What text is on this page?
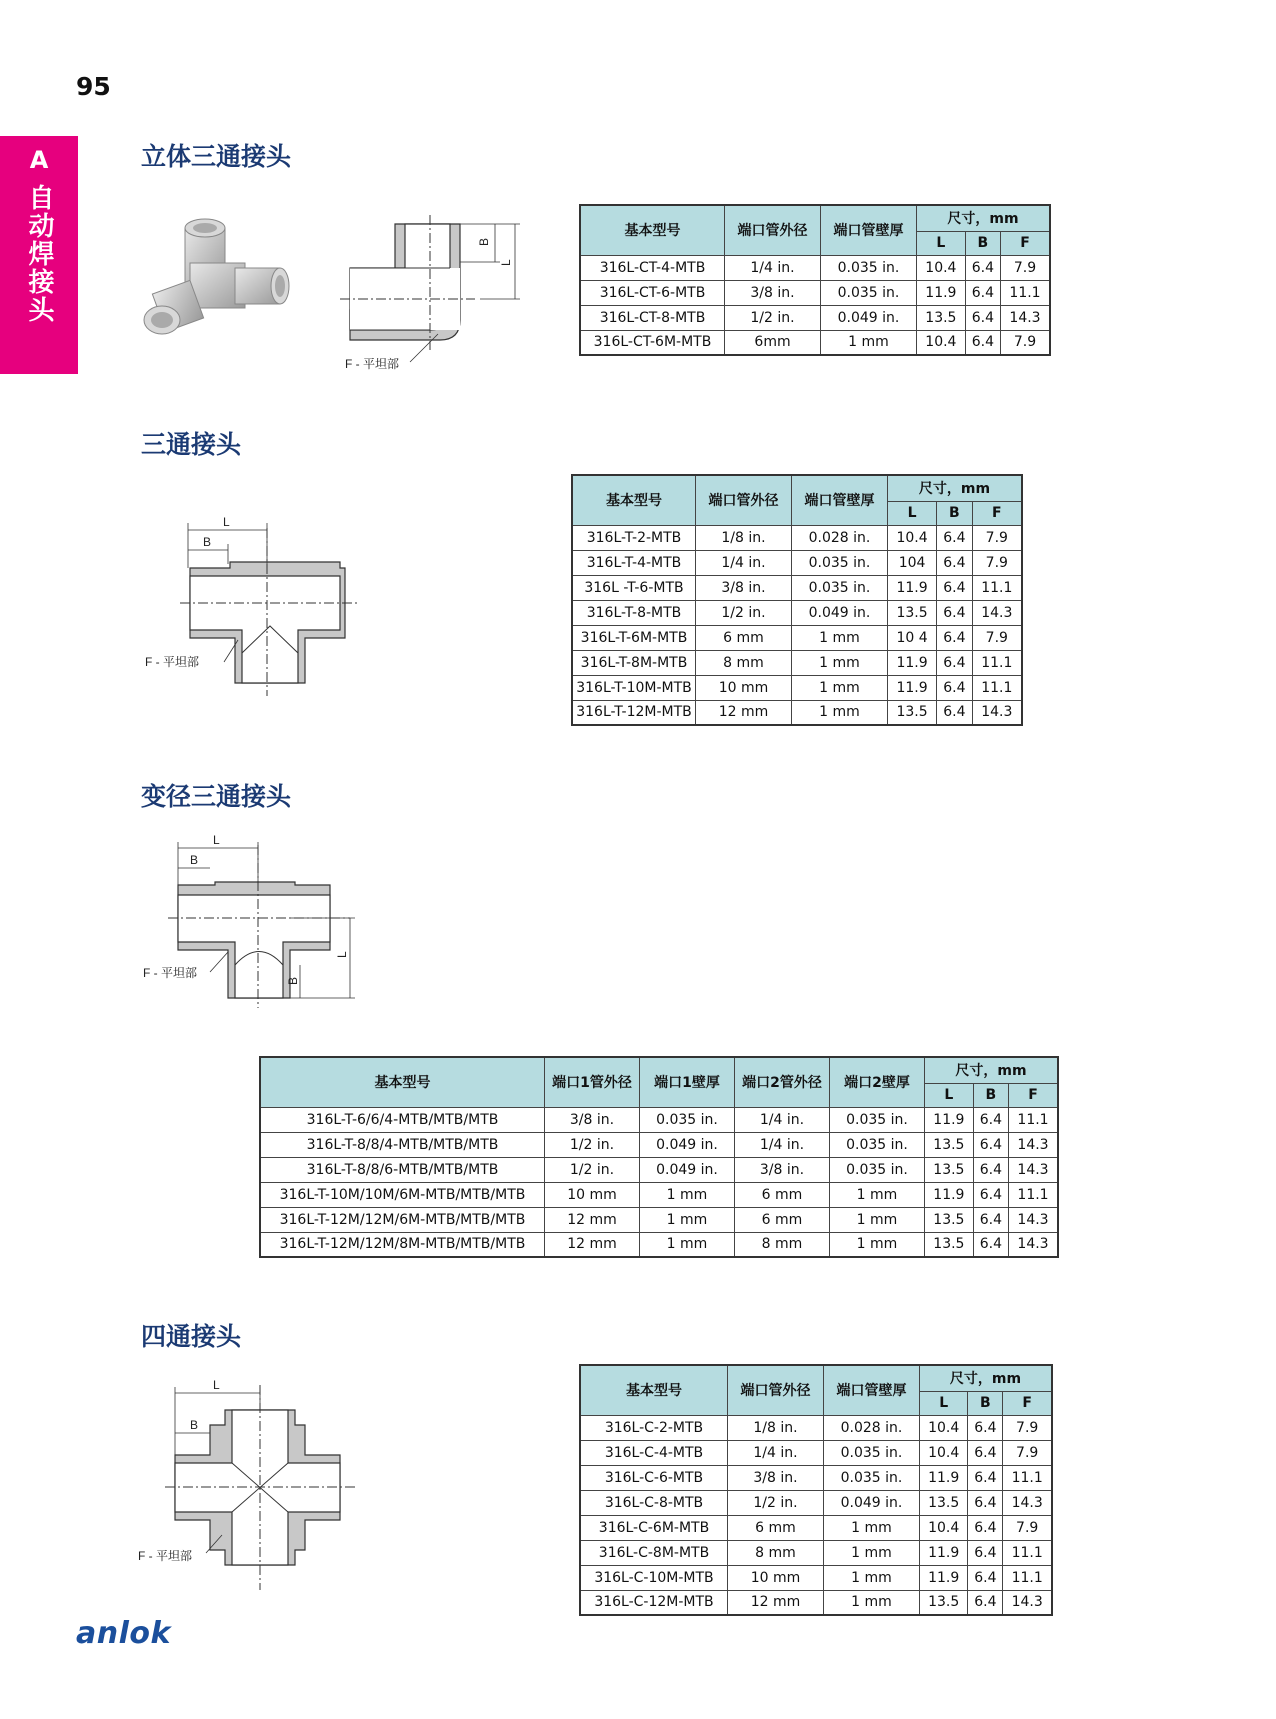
95
A
自动焊接头
立体三通接头
B
L
F - 平坦部
基本型号	端口管外径	端口管壁厚	尺寸，mm		
			L	B	F
316L-CT-4-MTB	1/4 in.	0.035 in.	10.4	6.4	7.9
316L-CT-6-MTB	3/8 in.	0.035 in.	11.9	6.4	11.1
316L-CT-8-MTB	1/2 in.	0.049 in.	13.5	6.4	14.3
316L-CT-6M-MTB	6mm	1 mm	10.4	6.4	7.9
三通接头
L
B
F - 平坦部
基本型号	端口管外径	端口管壁厚	尺寸，mm		
			L	B	F
316L-T-2-MTB	1/8 in.	0.028 in.	10.4	6.4	7.9
316L-T-4-MTB	1/4 in.	0.035 in.	104	6.4	7.9
316L -T-6-MTB	3/8 in.	0.035 in.	11.9	6.4	11.1
316L-T-8-MTB	1/2 in.	0.049 in.	13.5	6.4	14.3
316L-T-6M-MTB	6 mm	1 mm	10 4	6.4	7.9
316L-T-8M-MTB	8 mm	1 mm	11.9	6.4	11.1
316L-T-10M-MTB	10 mm	1 mm	11.9	6.4	11.1
316L-T-12M-MTB	12 mm	1 mm	13.5	6.4	14.3
变径三通接头
L
B
L
B
F - 平坦部
基本型号	端口1管外径	端口1壁厚	端口2管外径	端口2壁厚	尺寸，mm		
					L	B	F
316L-T-6/6/4-MTB/MTB/MTB	3/8 in.	0.035 in.	1/4 in.	0.035 in.	11.9	6.4	11.1
316L-T-8/8/4-MTB/MTB/MTB	1/2 in.	0.049 in.	1/4 in.	0.035 in.	13.5	6.4	14.3
316L-T-8/8/6-MTB/MTB/MTB	1/2 in.	0.049 in.	3/8 in.	0.035 in.	13.5	6.4	14.3
316L-T-10M/10M/6M-MTB/MTB/MTB	10 mm	1 mm	6 mm	1 mm	11.9	6.4	11.1
316L-T-12M/12M/6M-MTB/MTB/MTB	12 mm	1 mm	6 mm	1 mm	13.5	6.4	14.3
316L-T-12M/12M/8M-MTB/MTB/MTB	12 mm	1 mm	8 mm	1 mm	13.5	6.4	14.3
四通接头
L
B
F - 平坦部
基本型号	端口管外径	端口管壁厚	尺寸，mm		
			L	B	F
316L-C-2-MTB	1/8 in.	0.028 in.	10.4	6.4	7.9
316L-C-4-MTB	1/4 in.	0.035 in.	10.4	6.4	7.9
316L-C-6-MTB	3/8 in.	0.035 in.	11.9	6.4	11.1
316L-C-8-MTB	1/2 in.	0.049 in.	13.5	6.4	14.3
316L-C-6M-MTB	6 mm	1 mm	10.4	6.4	7.9
316L-C-8M-MTB	8 mm	1 mm	11.9	6.4	11.1
316L-C-10M-MTB	10 mm	1 mm	11.9	6.4	11.1
316L-C-12M-MTB	12 mm	1 mm	13.5	6.4	14.3
anlok
